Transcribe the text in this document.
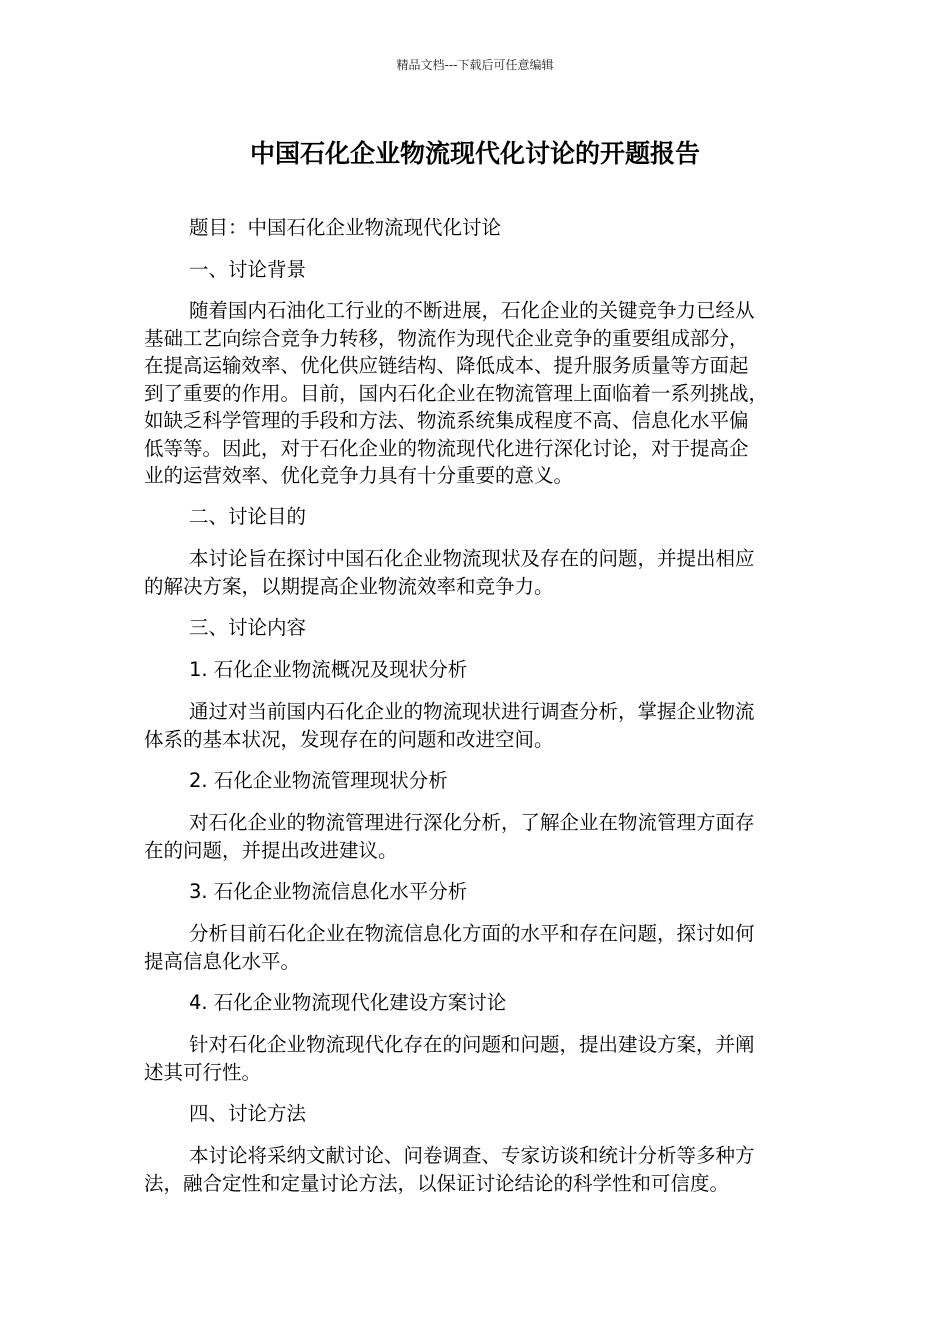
精品文档---下载后可任意编辑
中国石化企业物流现代化讨论的开题报告
题目：中国石化企业物流现代化讨论
一、讨论背景
随着国内石油化工行业的不断进展，石化企业的关键竞争力已经从
基础工艺向综合竞争力转移，物流作为现代企业竞争的重要组成部分，
在提高运输效率、优化供应链结构、降低成本、提升服务质量等方面起
到了重要的作用。目前，国内石化企业在物流管理上面临着一系列挑战，
如缺乏科学管理的手段和方法、物流系统集成程度不高、信息化水平偏
低等等。因此，对于石化企业的物流现代化进行深化讨论，对于提高企
业的运营效率、优化竞争力具有十分重要的意义。
二、讨论目的
本讨论旨在探讨中国石化企业物流现状及存在的问题，并提出相应
的解决方案，以期提高企业物流效率和竞争力。
三、讨论内容
1. 石化企业物流概况及现状分析
通过对当前国内石化企业的物流现状进行调查分析，掌握企业物流
体系的基本状况，发现存在的问题和改进空间。
2. 石化企业物流管理现状分析
对石化企业的物流管理进行深化分析，了解企业在物流管理方面存
在的问题，并提出改进建议。
3. 石化企业物流信息化水平分析
分析目前石化企业在物流信息化方面的水平和存在问题，探讨如何
提高信息化水平。
4. 石化企业物流现代化建设方案讨论
针对石化企业物流现代化存在的问题和问题，提出建设方案，并阐
述其可行性。
四、讨论方法
本讨论将采纳文献讨论、问卷调查、专家访谈和统计分析等多种方
法，融合定性和定量讨论方法，以保证讨论结论的科学性和可信度。
